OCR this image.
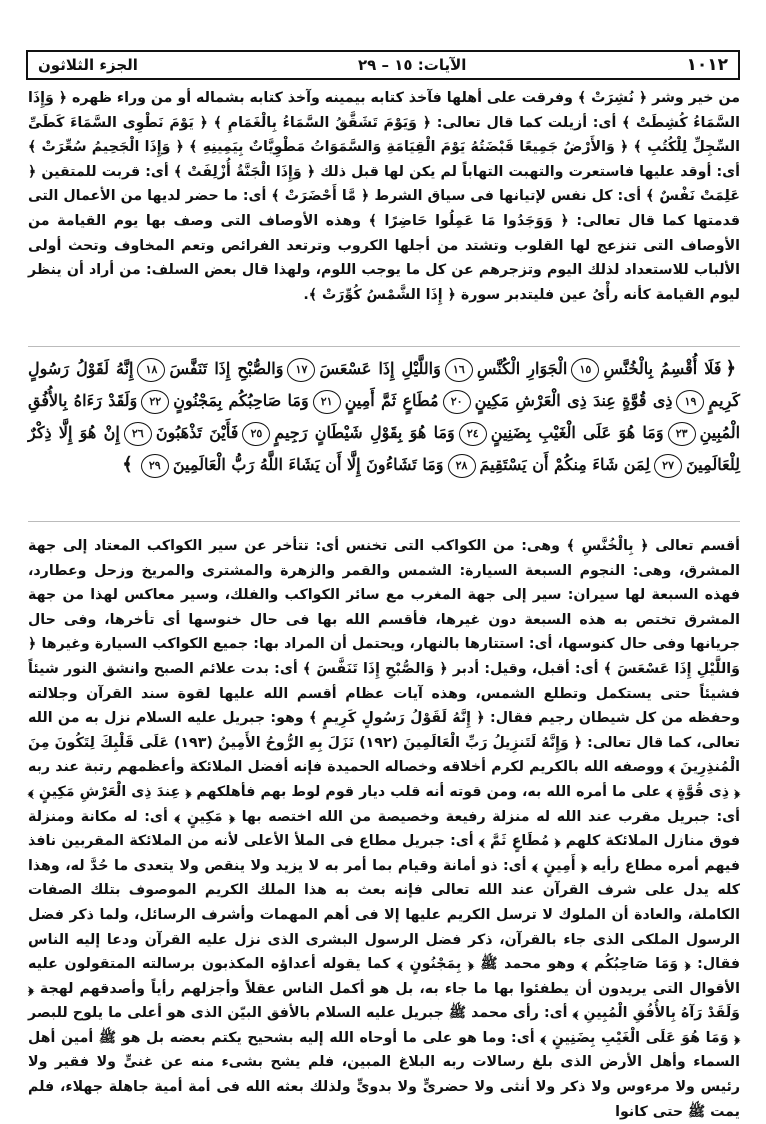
١٠١٢
الآيات: ١٥ – ٢٩
الجزء الثلاثون
من خير وشر ﴿ نُشِرَتْ ﴾ وفرقت على أهلها فآخذ كتابه بيمينه وآخذ كتابه بشماله أو من وراء ظهره ﴿ وَإِذَا السَّمَاءُ كُشِطَتْ ﴾ أى: أزيلت كما قال تعالى: ﴿ وَيَوْمَ تَشَقَّقُ السَّمَاءُ بِالْغَمَامِ ﴾ ﴿ يَوْمَ نَطْوِى السَّمَاءَ كَطَىِّ السِّجِلِّ لِلْكُتُبِ ﴾ ﴿ وَالأَرْضُ جَمِيعًا قَبْضَتُهُ يَوْمَ الْقِيَامَةِ وَالسَّمَوَاتُ مَطْوِيَّاتٌ بِيَمِينِهِ ﴾ ﴿ وَإِذَا الْجَحِيمُ سُعِّرَتْ ﴾ أى: أوقد عليها فاستعرت والتهبت التهاباً لم يكن لها قبل ذلك ﴿ وَإِذَا الْجَنَّةُ أُزْلِفَتْ ﴾ أى: قربت للمتقين ﴿ عَلِمَتْ نَفْسٌ ﴾ أى: كل نفس لإتيانها فى سياق الشرط ﴿ مَّا أَحْضَرَتْ ﴾ أى: ما حضر لديها من الأعمال التى قدمتها كما قال تعالى: ﴿ وَوَجَدُوا مَا عَمِلُوا حَاضِرًا ﴾ وهذه الأوصاف التى وصف بها يوم القيامة من الأوصاف التى تنزعج لها القلوب وتشتد من أجلها الكروب وترتعد الفرائص وتعم المخاوف وتحث أولى الألباب للاستعداد لذلك اليوم وتزجرهم عن كل ما يوجب اللوم، ولهذا قال بعض السلف: من أراد أن ينظر ليوم القيامة كأنه رأْىُ عين فليتدبر سورة ﴿ إِذَا الشَّمْسُ كُوِّرَتْ ﴾.
﴿فَلَا أُقْسِمُ بِالْخُنَّسِ١٥الْجَوَارِ الْكُنَّسِ١٦وَاللَّيْلِ إِذَا عَسْعَسَ١٧وَالصُّبْحِ إِذَا تَنَفَّسَ١٨إِنَّهُ لَقَوْلُ رَسُولٍ كَرِيمٍ١٩ذِى قُوَّةٍ عِندَ ذِى الْعَرْشِ مَكِينٍ٢٠مُطَاعٍ ثَمَّ أَمِينٍ٢١وَمَا صَاحِبُكُم بِمَجْنُونٍ٢٢وَلَقَدْ رَءَاهُ بِالأُفُقِ الْمُبِينِ٢٣وَمَا هُوَ عَلَى الْغَيْبِ بِضَنِينٍ٢٤وَمَا هُوَ بِقَوْلِ شَيْطَانٍ رَجِيمٍ٢٥فَأَيْنَ تَذْهَبُونَ٢٦إِنْ هُوَ إِلَّا ذِكْرٌ لِلْعَالَمِينَ٢٧لِمَن شَاءَ مِنكُمْ أَن يَسْتَقِيمَ٢٨وَمَا تَشَاءُونَ إِلَّا أَن يَشَاءَ اللَّهُ رَبُّ الْعَالَمِينَ٢٩﴾
أقسم تعالى ﴿ بِالْخُنَّسِ ﴾ وهى: من الكواكب التى تخنس أى: تتأخر عن سير الكواكب المعتاد إلى جهة المشرق، وهى: النجوم السبعة السيارة: الشمس والقمر والزهرة والمشترى والمريخ وزحل وعطارد، فهذه السبعة لها سيران: سير إلى جهة المغرب مع سائر الكواكب والفلك، وسير معاكس لهذا من جهة المشرق تختص به هذه السبعة دون غيرها، فأقسم الله بها فى حال خنوسها أى تأخرها، وفى حال جريانها وفى حال كنوسها، أى: استتارها بالنهار، ويحتمل أن المراد بها: جميع الكواكب السيارة وغيرها ﴿ وَاللَّيْلِ إِذَا عَسْعَسَ ﴾ أى: أقبل، وقيل: أدبر ﴿ وَالصُّبْحِ إِذَا تَنَفَّسَ ﴾ أى: بدت علائم الصبح وانشق النور شيئاً فشيئاً حتى يستكمل وتطلع الشمس، وهذه آيات عظام أقسم الله عليها لقوة سند القرآن وجلالته وحفظه من كل شيطان رجيم فقال: ﴿ إِنَّهُ لَقَوْلُ رَسُولٍ كَرِيمٍ ﴾ وهو: جبريل عليه السلام نزل به من الله تعالى، كما قال تعالى: ﴿ وَإِنَّهُ لَتَنزِيلُ رَبِّ الْعَالَمِينَ (١٩٢) نَزَلَ بِهِ الرُّوحُ الأَمِينُ (١٩٣) عَلَى قَلْبِكَ لِتَكُونَ مِنَ الْمُنذِرِينَ ﴾ ووصفه الله بالكريم لكرم أخلاقه وخصاله الحميدة فإنه أفضل الملائكة وأعظمهم رتبة عند ربه ﴿ ذِى قُوَّةٍ ﴾ على ما أمره الله به، ومن قوته أنه قلب ديار قوم لوط بهم فأهلكهم ﴿ عِندَ ذِى الْعَرْشِ مَكِينٍ ﴾ أى: جبريل مقرب عند الله له منزلة رفيعة وخصيصة من الله اختصه بها ﴿ مَكِينٍ ﴾ أى: له مكانة ومنزلة فوق منازل الملائكة كلهم ﴿ مُطَاعٍ ثَمَّ ﴾ أى: جبريل مطاع فى الملأ الأعلى لأنه من الملائكة المقربين نافذ فيهم أمره مطاع رأيه ﴿ أَمِينٍ ﴾ أى: ذو أمانة وقيام بما أمر به لا يزيد ولا ينقص ولا يتعدى ما حُدَّ له، وهذا كله يدل على شرف القرآن عند الله تعالى فإنه بعث به هذا الملك الكريم الموصوف بتلك الصفات الكاملة، والعادة أن الملوك لا ترسل الكريم عليها إلا فى أهم المهمات وأشرف الرسائل، ولما ذكر فضل الرسول الملكى الذى جاء بالقرآن، ذكر فضل الرسول البشرى الذى نزل عليه القرآن ودعا إليه الناس فقال: ﴿ وَمَا صَاحِبُكُم ﴾ وهو محمد ﷺ ﴿ بِمَجْنُونٍ ﴾ كما يقوله أعداؤه المكذبون برسالته المتقولون عليه الأقوال التى يريدون أن يطفئوا بها ما جاء به، بل هو أكمل الناس عقلاً وأجزلهم رأياً وأصدقهم لهجة ﴿ وَلَقَدْ رَآهُ بِالأُفُقِ الْمُبِينِ ﴾ أى: رأى محمد ﷺ جبريل عليه السلام بالأفق البيّن الذى هو أعلى ما يلوح للبصر ﴿ وَمَا هُوَ عَلَى الْغَيْبِ بِضَنِينٍ ﴾ أى: وما هو على ما أوحاه الله إليه بشحيح يكتم بعضه بل هو ﷺ أمين أهل السماء وأهل الأرض الذى بلغ رسالات ربه البلاغ المبين، فلم يشح بشىء منه عن غنىٍّ ولا فقير ولا رئيس ولا مرءوس ولا ذكر ولا أنثى ولا حضرىٍّ ولا بدوىٍّ ولذلك بعثه الله فى أمة أمية جاهلة جهلاء، فلم يمت ﷺ حتى كانوا
